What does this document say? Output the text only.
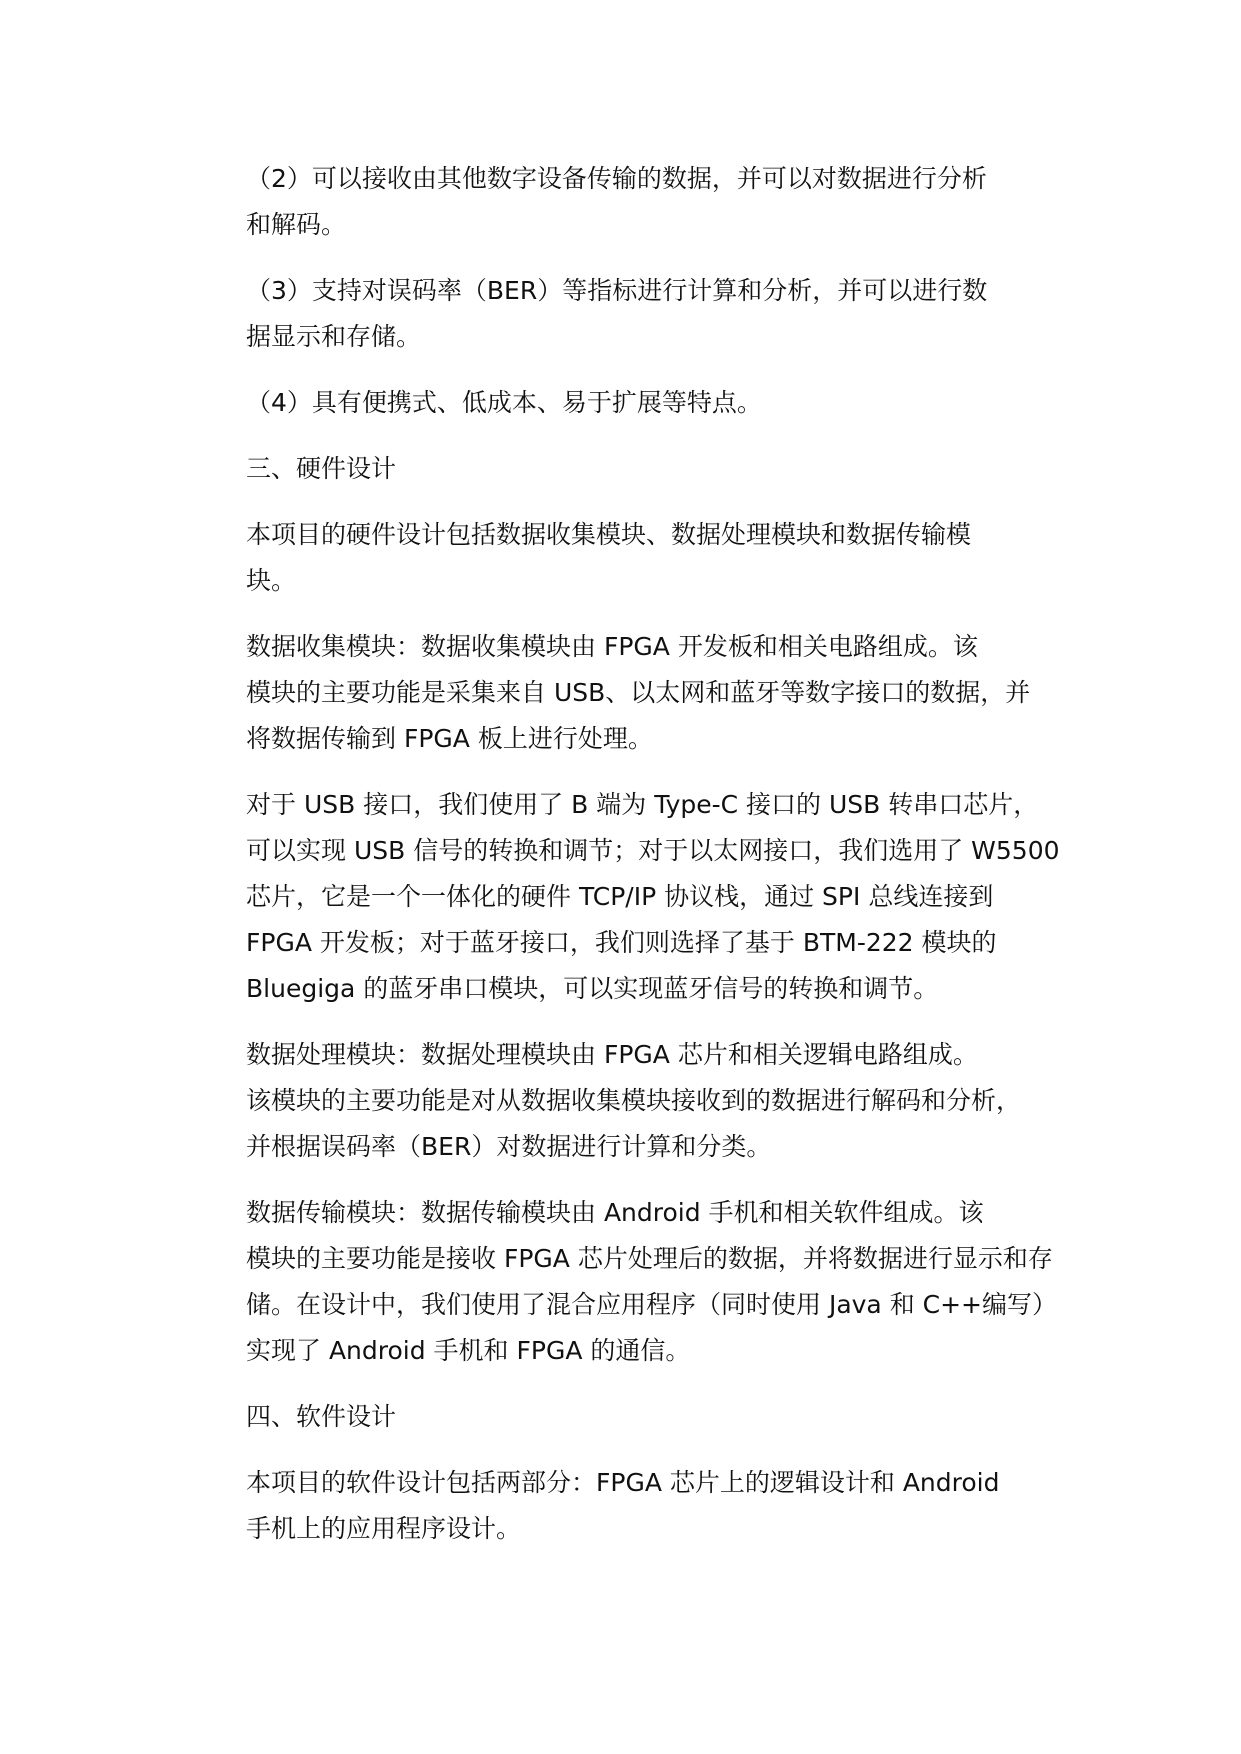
（2）可以接收由其他数字设备传输的数据，并可以对数据进行分析
和解码。

（3）支持对误码率（BER）等指标进行计算和分析，并可以进行数
据显示和存储。

（4）具有便携式、低成本、易于扩展等特点。

三、硬件设计

本项目的硬件设计包括数据收集模块、数据处理模块和数据传输模
块。

数据收集模块：数据收集模块由 FPGA 开发板和相关电路组成。该
模块的主要功能是采集来自 USB、以太网和蓝牙等数字接口的数据，并
将数据传输到 FPGA 板上进行处理。

对于 USB 接口，我们使用了 B 端为 Type-C 接口的 USB 转串口芯片，
可以实现 USB 信号的转换和调节；对于以太网接口，我们选用了 W5500
芯片，它是一个一体化的硬件 TCP/IP 协议栈，通过 SPI 总线连接到
FPGA 开发板；对于蓝牙接口，我们则选择了基于 BTM-222 模块的
Bluegiga 的蓝牙串口模块，可以实现蓝牙信号的转换和调节。

数据处理模块：数据处理模块由 FPGA 芯片和相关逻辑电路组成。
该模块的主要功能是对从数据收集模块接收到的数据进行解码和分析，
并根据误码率（BER）对数据进行计算和分类。

数据传输模块：数据传输模块由 Android 手机和相关软件组成。该
模块的主要功能是接收 FPGA 芯片处理后的数据，并将数据进行显示和存
储。在设计中，我们使用了混合应用程序（同时使用 Java 和 C++编写）
实现了 Android 手机和 FPGA 的通信。

四、软件设计

本项目的软件设计包括两部分：FPGA 芯片上的逻辑设计和 Android
手机上的应用程序设计。
